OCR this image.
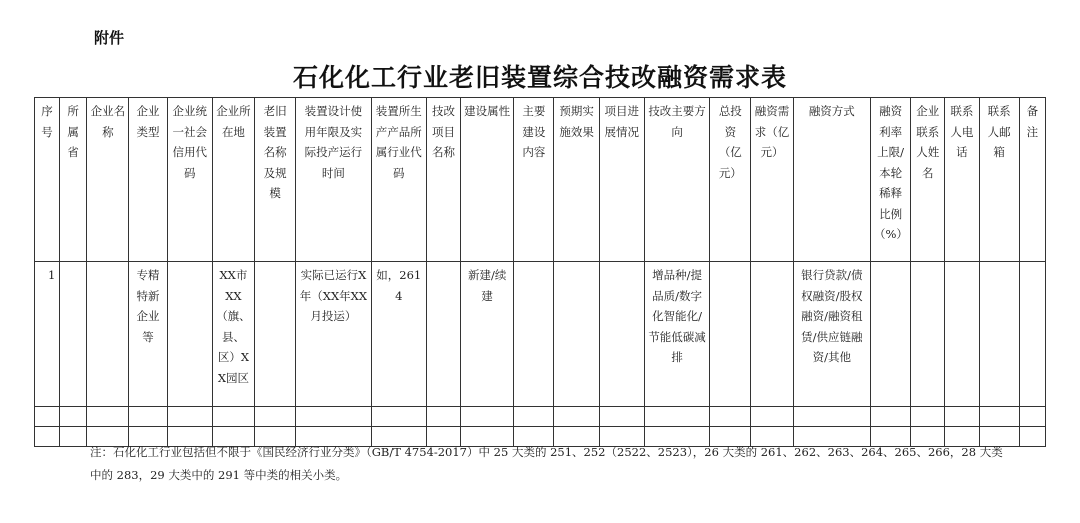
附件
石化化工行业老旧装置综合技改融资需求表
序号	所属省	企业名称	企业类型	企业统一社会信用代码	企业所在地	老旧装置名称及规模	装置设计使用年限及实际投产运行时间	装置所生产产品所属行业代码	技改项目名称	建设属性	主要建设内容	预期实施效果	项目进展情况	技改主要方向	总投资（亿元）	融资需求（亿元）	融资方式	融资利率上限/本轮稀释比例（%）	企业联系人姓名	联系人电话	联系人邮箱	备注

1			专精特新企业等		XX市XX（旗、县、区）XX园区		实际已运行X年（XX年XX月投运）	如，2614		新建/续建				增品种/提品质/数字化智能化/节能低碳减排			银行贷款/债权融资/股权融资/融资租赁/供应链融资/其他					

注：石化化工行业包括但不限于《国民经济行业分类》（GB/T 4754-2017）中 25 大类的 251、252（2522、2523），26 大类的 261、262、263、264、265、266，28 大类中的 283，29 大类中的 291 等中类的相关小类。
